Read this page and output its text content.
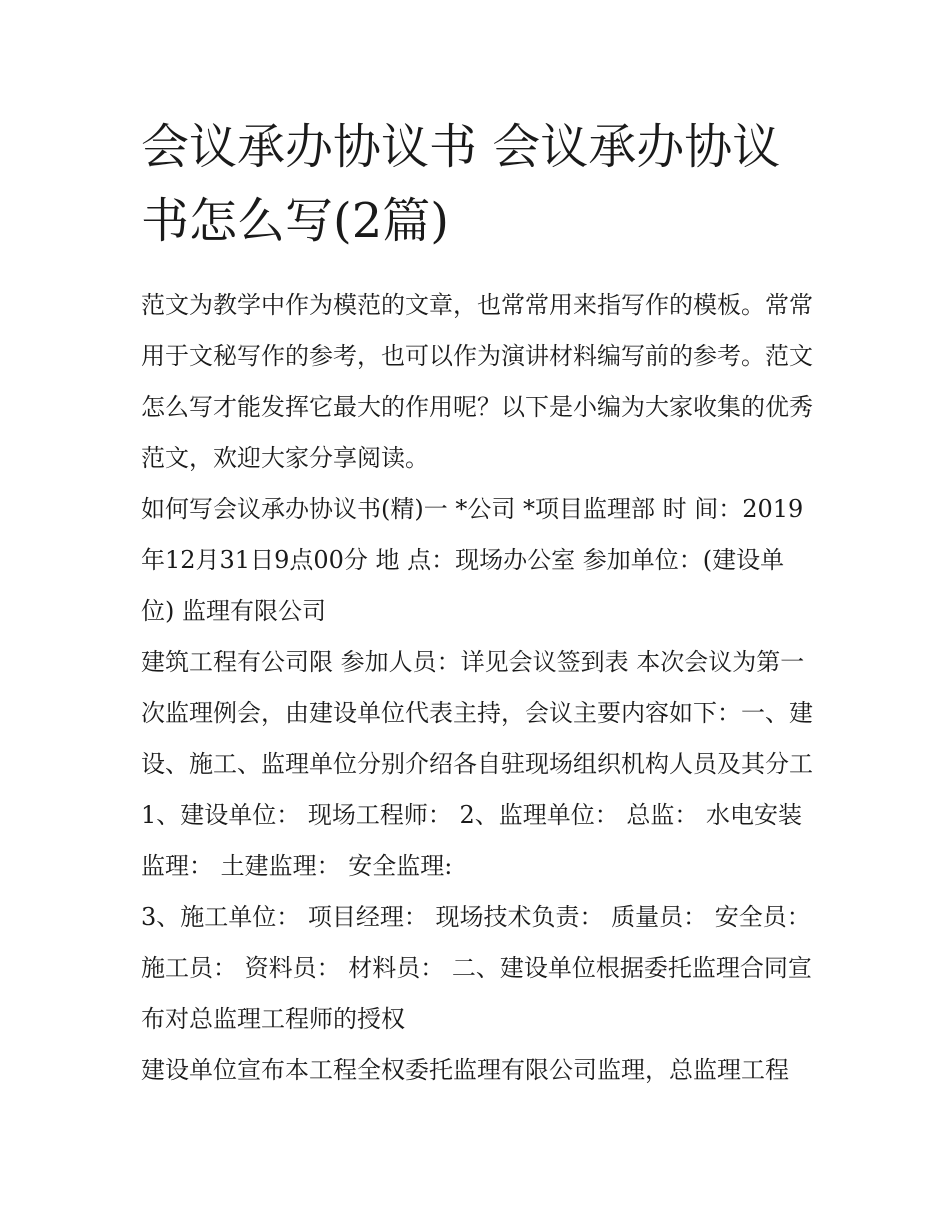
会议承办协议书 会议承办协议书怎么写(2篇)

范文为教学中作为模范的文章，也常常用来指写作的模板。常常用于文秘写作的参考，也可以作为演讲材料编写前的参考。范文怎么写才能发挥它最大的作用呢？以下是小编为大家收集的优秀范文，欢迎大家分享阅读。

如何写会议承办协议书(精)一 *公司 *项目监理部 时 间：2019年12月31日9点00分 地 点：现场办公室 参加单位：(建设单位) 监理有限公司

建筑工程有公司限 参加人员：详见会议签到表 本次会议为第一次监理例会，由建设单位代表主持，会议主要内容如下：一、建设、施工、监理单位分别介绍各自驻现场组织机构人员及其分工 1、建设单位： 现场工程师： 2、监理单位： 总监： 水电安装监理： 土建监理： 安全监理:

3、施工单位： 项目经理： 现场技术负责： 质量员： 安全员： 施工员： 资料员： 材料员： 二、建设单位根据委托监理合同宣布对总监理工程师的授权

建设单位宣布本工程全权委托监理有限公司监理，总监理工程
